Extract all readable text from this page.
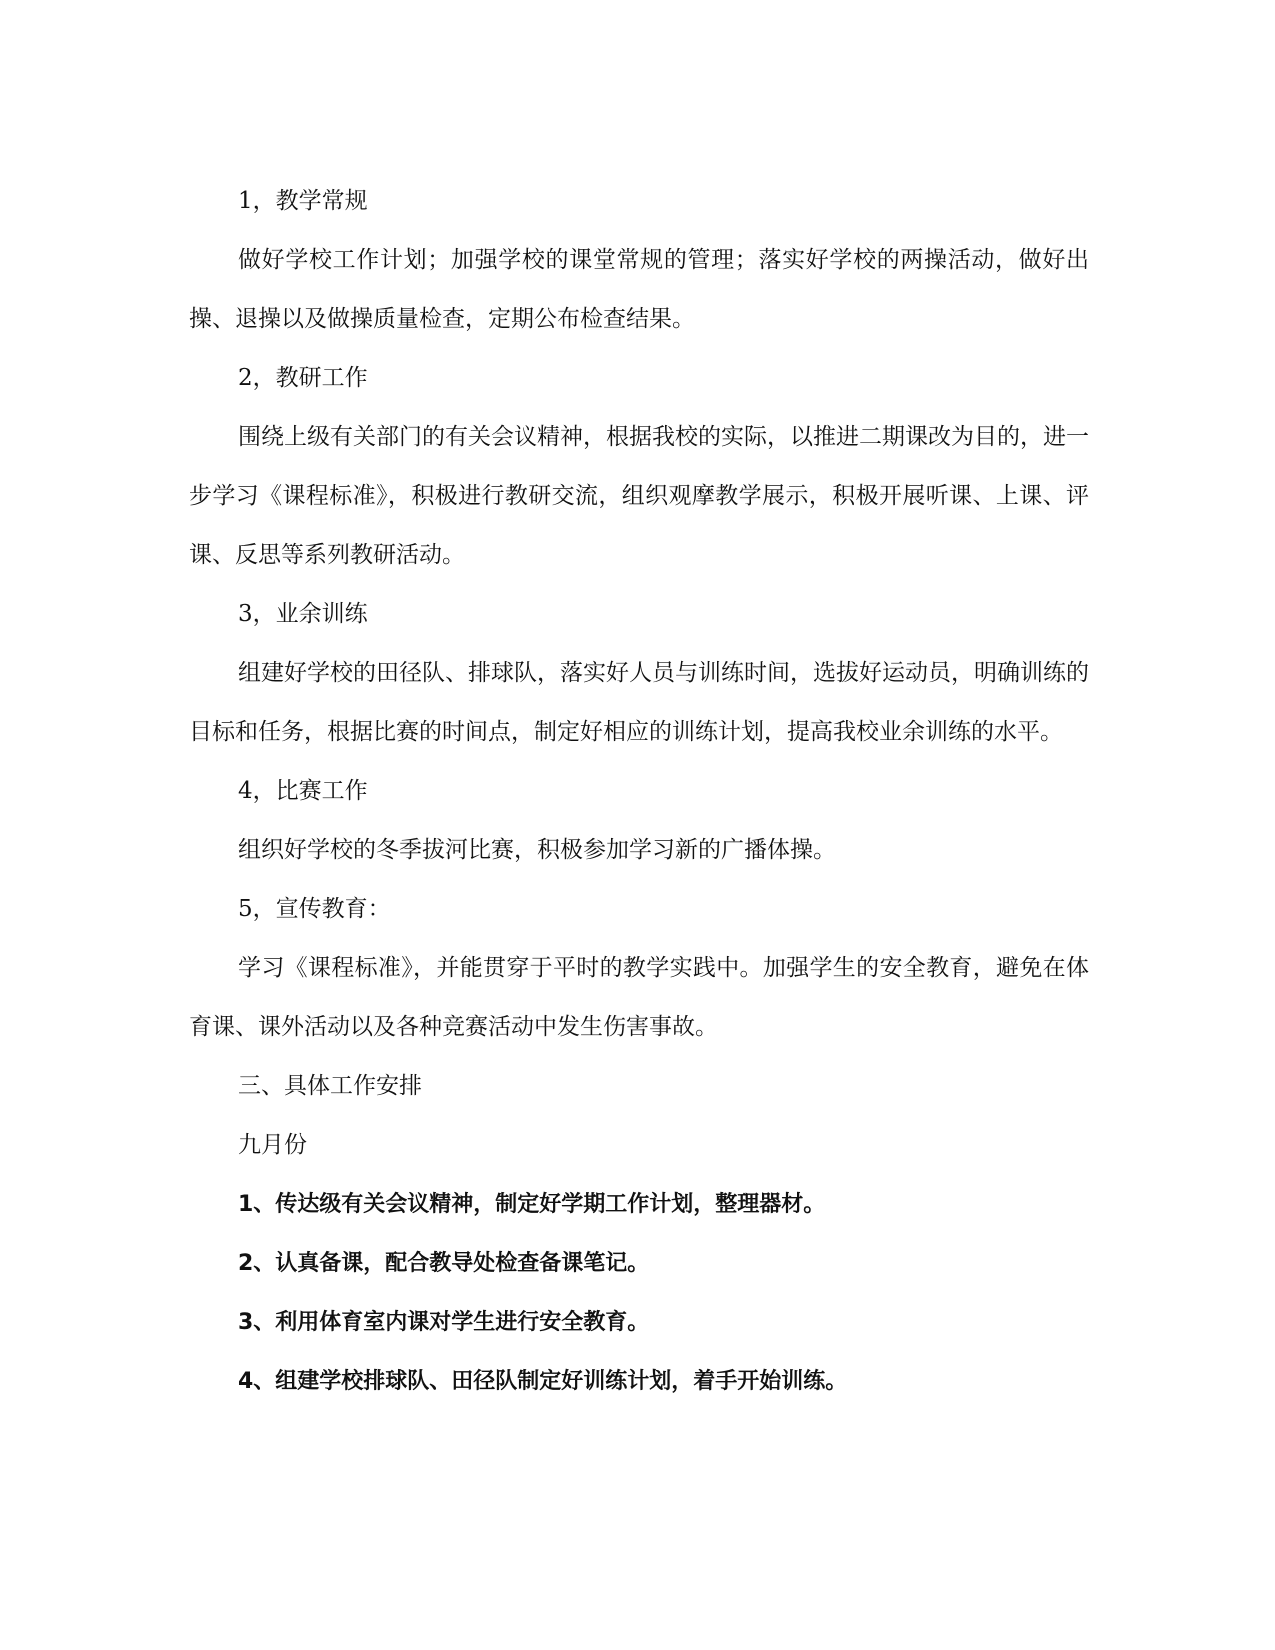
1，教学常规

做好学校工作计划；加强学校的课堂常规的管理；落实好学校的两操活动，做好出操、退操以及做操质量检查，定期公布检查结果。

2，教研工作

围绕上级有关部门的有关会议精神，根据我校的实际，以推进二期课改为目的，进一步学习《课程标准》，积极进行教研交流，组织观摩教学展示，积极开展听课、上课、评课、反思等系列教研活动。

3，业余训练

组建好学校的田径队、排球队，落实好人员与训练时间，选拔好运动员，明确训练的目标和任务，根据比赛的时间点，制定好相应的训练计划，提高我校业余训练的水平。

4，比赛工作

组织好学校的冬季拔河比赛，积极参加学习新的广播体操。

5，宣传教育：

学习《课程标准》，并能贯穿于平时的教学实践中。加强学生的安全教育，避免在体育课、课外活动以及各种竞赛活动中发生伤害事故。

三、具体工作安排

九月份

1、传达级有关会议精神，制定好学期工作计划，整理器材。

2、认真备课，配合教导处检查备课笔记。

3、利用体育室内课对学生进行安全教育。

4、组建学校排球队、田径队制定好训练计划，着手开始训练。
